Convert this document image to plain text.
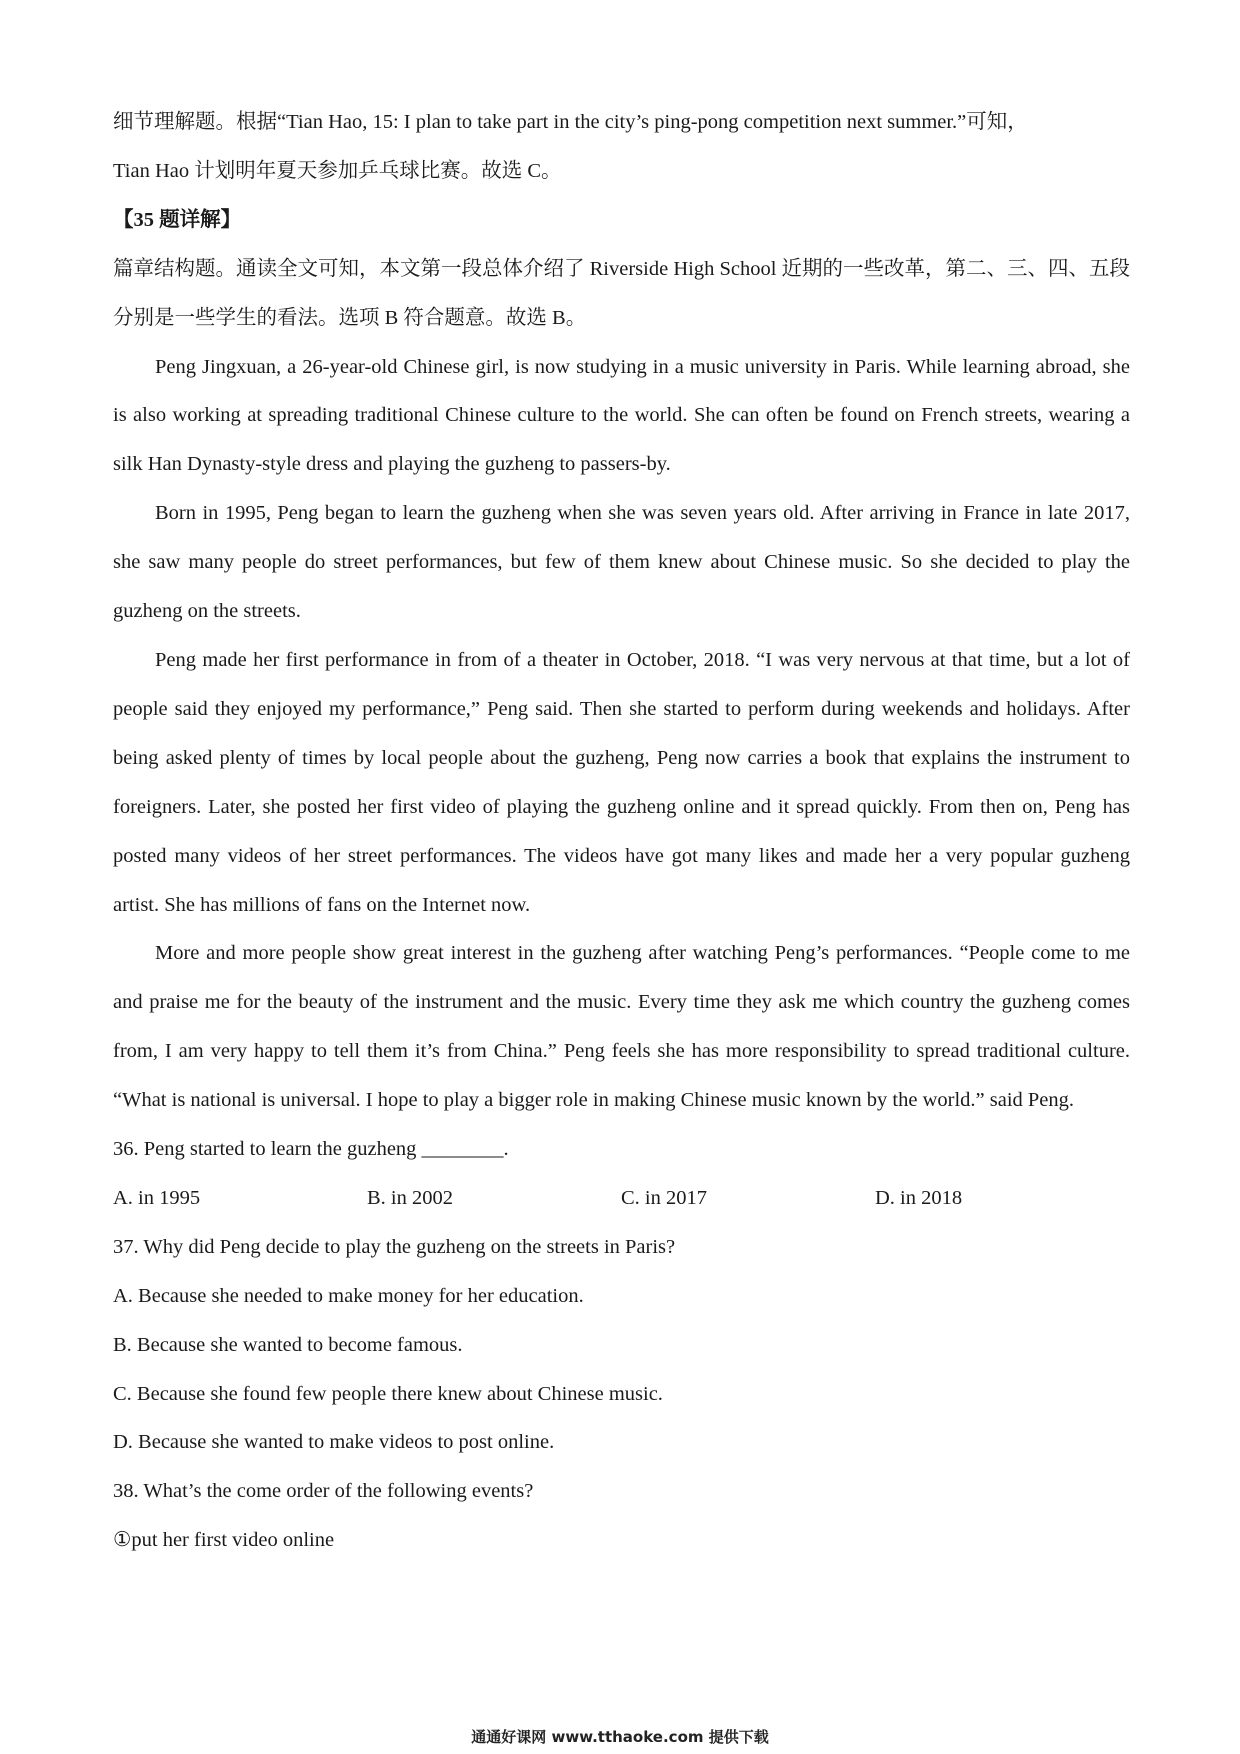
细节理解题。根据“Tian Hao, 15: I plan to take part in the city’s ping-pong competition next summer.”可知，

Tian Hao 计划明年夏天参加乒乓球比赛。故选 C。

【35 题详解】

篇章结构题。通读全文可知，本文第一段总体介绍了 Riverside High School 近期的一些改革，第二、三、四、五段分别是一些学生的看法。选项 B 符合题意。故选 B。

Peng Jingxuan, a 26-year-old Chinese girl, is now studying in a music university in Paris. While learning abroad, she is also working at spreading traditional Chinese culture to the world. She can often be found on French streets, wearing a silk Han Dynasty-style dress and playing the guzheng to passers-by.

Born in 1995, Peng began to learn the guzheng when she was seven years old. After arriving in France in late 2017, she saw many people do street performances, but few of them knew about Chinese music. So she decided to play the guzheng on the streets.

Peng made her first performance in from of a theater in October, 2018. “I was very nervous at that time, but a lot of people said they enjoyed my performance,” Peng said. Then she started to perform during weekends and holidays. After being asked plenty of times by local people about the guzheng, Peng now carries a book that explains the instrument to foreigners. Later, she posted her first video of playing the guzheng online and it spread quickly. From then on, Peng has posted many videos of her street performances. The videos have got many likes and made her a very popular guzheng artist. She has millions of fans on the Internet now.

More and more people show great interest in the guzheng after watching Peng’s performances. “People come to me and praise me for the beauty of the instrument and the music. Every time they ask me which country the guzheng comes from, I am very happy to tell them it’s from China.” Peng feels she has more responsibility to spread traditional culture. “What is national is universal. I hope to play a bigger role in making Chinese music known by the world.” said Peng.

36. Peng started to learn the guzheng ________.

A. in 1995	B. in 2002	C. in 2017	D. in 2018

37. Why did Peng decide to play the guzheng on the streets in Paris?

A. Because she needed to make money for her education.

B. Because she wanted to become famous.

C. Because she found few people there knew about Chinese music.

D. Because she wanted to make videos to post online.

38. What’s the come order of the following events?

①put her first video online

通通好课网 www.tthaoke.com 提供下载
